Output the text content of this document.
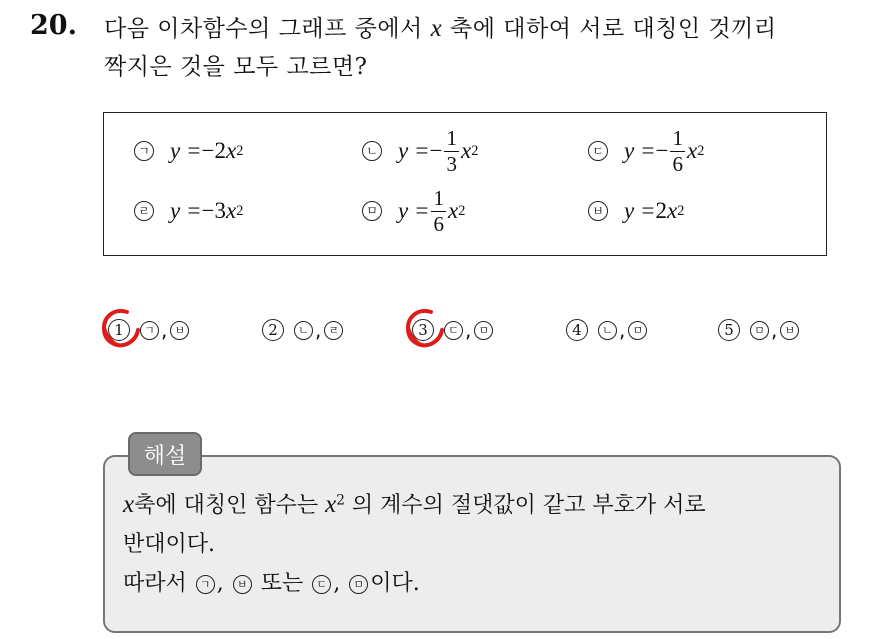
20. 다음 이차함수의 그래프 중에서 x 축에 대하여 서로 대칭인 것끼리
짝지은 것을 모두 고르면?
ㄱ y = −2 x 2	ㄴ y = − $\frac{1}{3}$ x 2	ㄷ y = − $\frac{1}{6}$ x 2
ㄹ y = −3 x 2	ㅁ $y = \frac{1}{6}$ x 2	ㅂ y = 2 x 2
1	ㄱ , ㅂ	2	ㄴ , ㄹ	3	ㄷ , ㅁ	4	ㄴ , ㅁ	5	ㅁ , ㅂ
x축에 대칭인 함수는 $x^2$ 의 계수의 절댓값이 같고 부호가 서로
반대이다.
따라서 ㄱ , ㅂ 또는 ㄷ , ㅁ 이다.
해설
